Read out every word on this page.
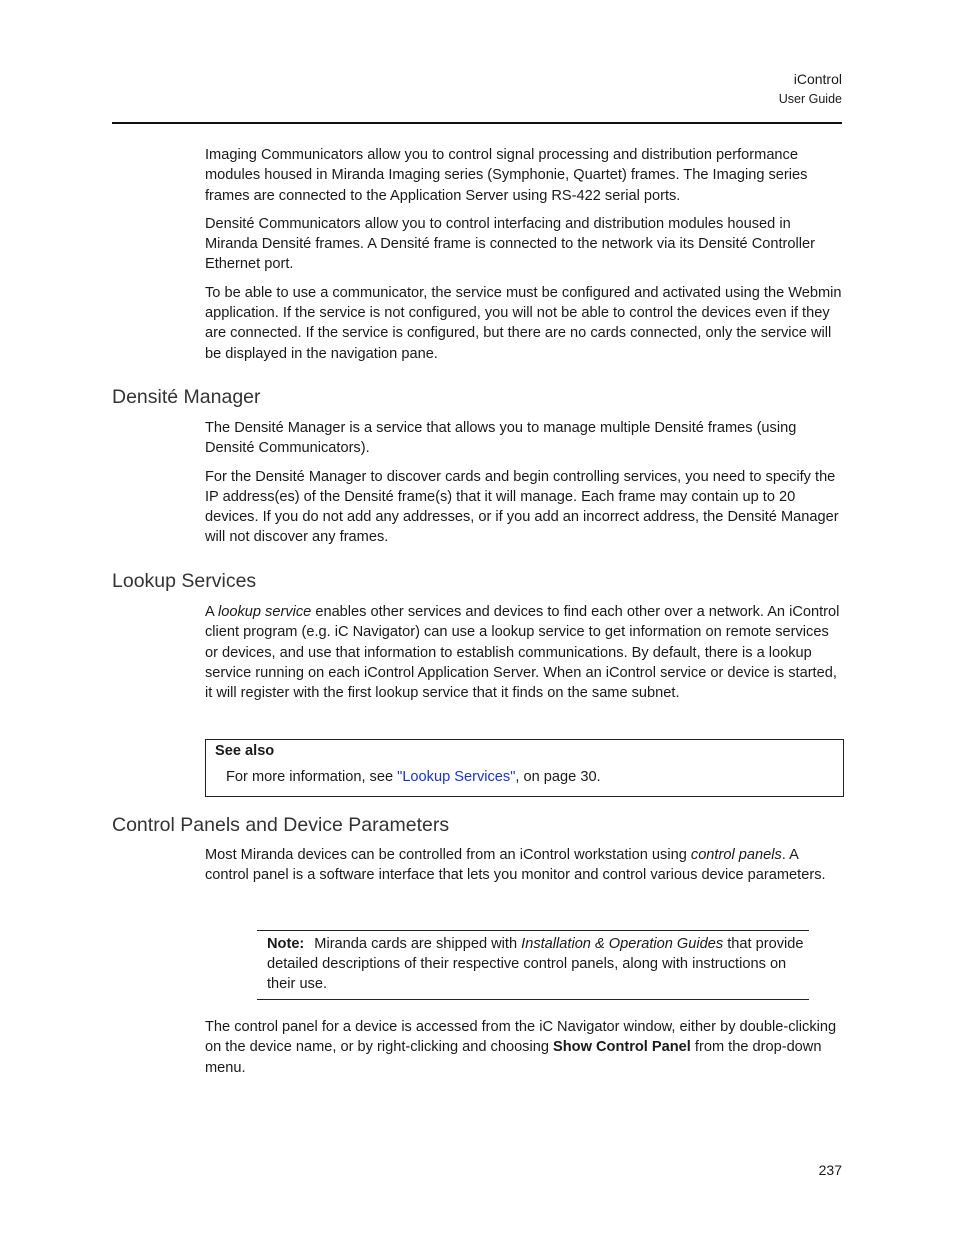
iControl
User Guide

Imaging Communicators allow you to control signal processing and distribution performance modules housed in Miranda Imaging series (Symphonie, Quartet) frames. The Imaging series frames are connected to the Application Server using RS-422 serial ports.

Densité Communicators allow you to control interfacing and distribution modules housed in Miranda Densité frames. A Densité frame is connected to the network via its Densité Controller Ethernet port.

To be able to use a communicator, the service must be configured and activated using the Webmin application. If the service is not configured, you will not be able to control the devices even if they are connected. If the service is configured, but there are no cards connected, only the service will be displayed in the navigation pane.

Densité Manager

The Densité Manager is a service that allows you to manage multiple Densité frames (using Densité Communicators).

For the Densité Manager to discover cards and begin controlling services, you need to specify the IP address(es) of the Densité frame(s) that it will manage. Each frame may contain up to 20 devices. If you do not add any addresses, or if you add an incorrect address, the Densité Manager will not discover any frames.

Lookup Services

A lookup service enables other services and devices to find each other over a network. An iControl client program (e.g. iC Navigator) can use a lookup service to get information on remote services or devices, and use that information to establish communications. By default, there is a lookup service running on each iControl Application Server. When an iControl service or device is started, it will register with the first lookup service that it finds on the same subnet.

See also
For more information, see "Lookup Services", on page 30.
Control Panels and Device Parameters

Most Miranda devices can be controlled from an iControl workstation using control panels. A control panel is a software interface that lets you monitor and control various device parameters.

Note: Miranda cards are shipped with Installation & Operation Guides that provide detailed descriptions of their respective control panels, along with instructions on their use.

The control panel for a device is accessed from the iC Navigator window, either by double-clicking on the device name, or by right-clicking and choosing Show Control Panel from the drop-down menu.

237
